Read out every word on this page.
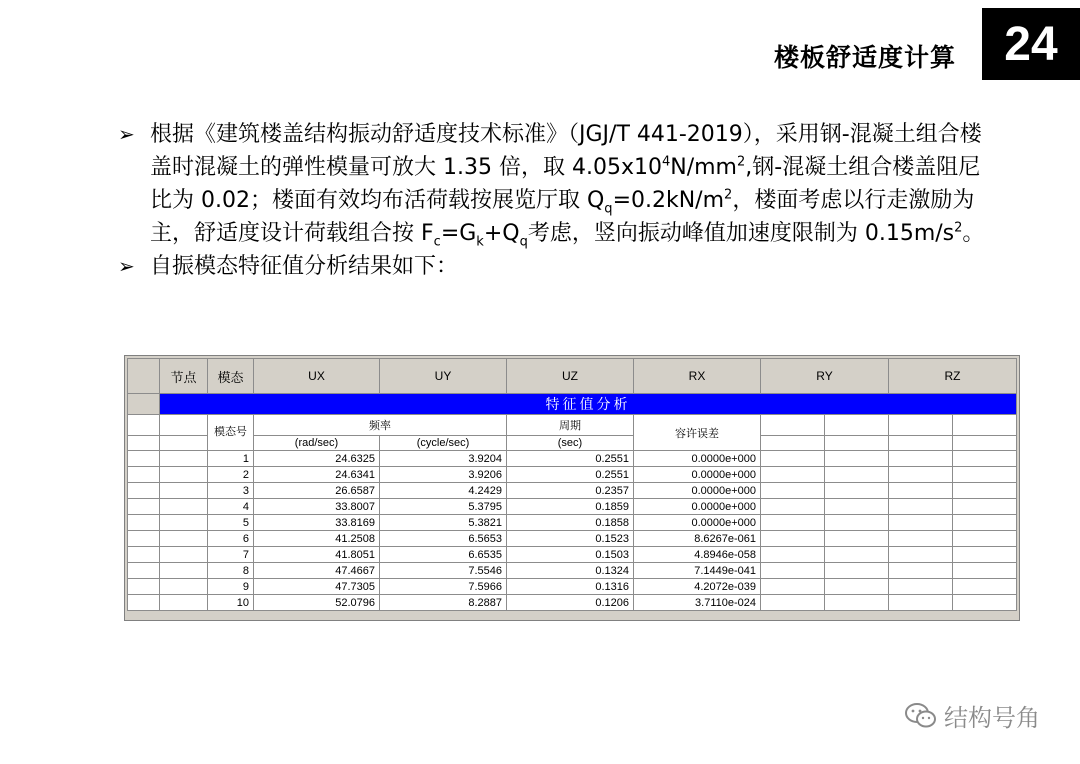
楼板舒适度计算	24
➢ 根据《建筑楼盖结构振动舒适度技术标准》（JGJ/T 441-2019），采用钢-混凝土组合楼盖时混凝土的弹性模量可放大 1.35 倍，取 $4.05x10^4N/mm^2$,钢-混凝土组合楼盖阻尼比为 0.02；楼面有效均布活荷载按展览厅取 $Q_q=0.2kN/m^2$，楼面考虑以行走激励为主，舒适度设计荷载组合按 $F_c=G_k+Q_q$考虑，竖向振动峰值加速度限制为 $0.15m/s^2$。
➢ 自振模态特征值分析结果如下：
	节点	模态	UX	UY	UZ	RX	RY		RZ	
	特征值分析									
		模态号	频率		周期	容许误差				
			(rad/sec)	(cycle/sec)	(sec)					
		1	24.6325	3.9204	0.2551	0.0000e+000				
		2	24.6341	3.9206	0.2551	0.0000e+000				
		3	26.6587	4.2429	0.2357	0.0000e+000				
		4	33.8007	5.3795	0.1859	0.0000e+000				
		5	33.8169	5.3821	0.1858	0.0000e+000				
		6	41.2508	6.5653	0.1523	8.6267e-061				
		7	41.8051	6.6535	0.1503	4.8946e-058				
		8	47.4667	7.5546	0.1324	7.1449e-041				
		9	47.7305	7.5966	0.1316	4.2072e-039				
		10	52.0796	8.2887	0.1206	3.7110e-024				
结构号角
